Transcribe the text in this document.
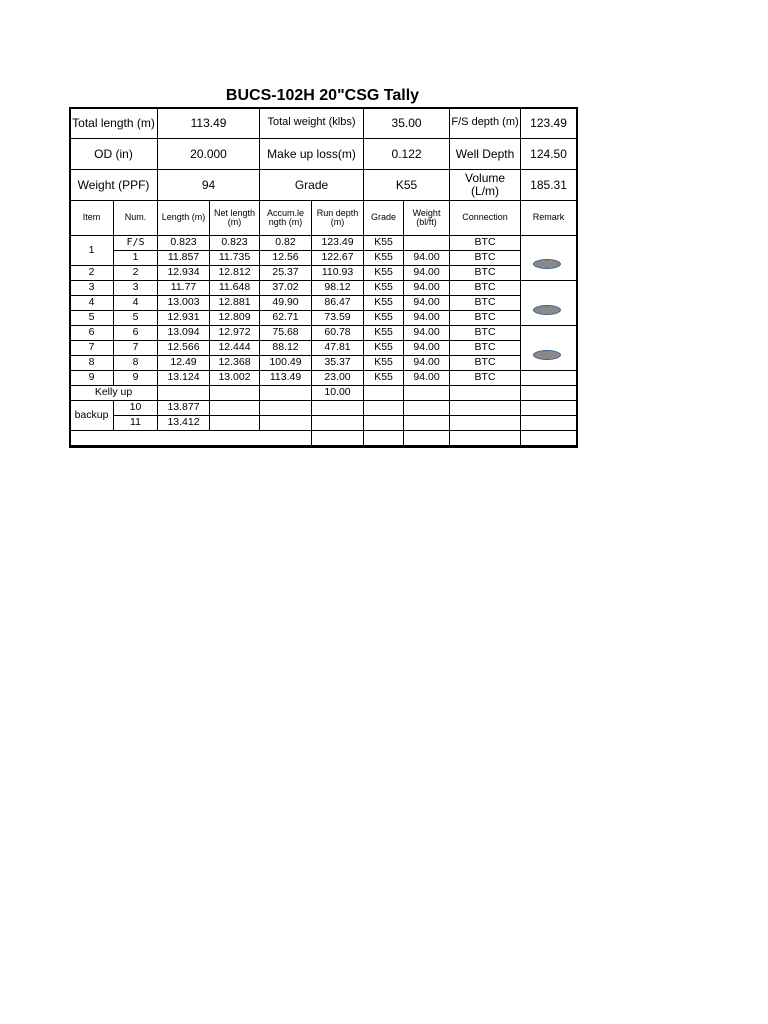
BUCS-102H 20"CSG Tally
Total length (m)		113.49		Total weight (klbs)		35.00		F/S depth (m)	123.49
OD (in)		20.000		Make up loss(m)		0.122		Well Depth	124.50
Weight (PPF)		94		Grade		K55		Volume (L/m)	185.31
Item	Num.	Length (m)	Net length (m)	Accum.le ngth (m)	Run depth (m)	Grade	Weight (bl/ft)	Connection	Remark
1	F/S	0.823	0.823	0.82	123.49	K55		BTC	
	1	11.857	11.735	12.56	122.67	K55	94.00	BTC	
2	2	12.934	12.812	25.37	110.93	K55	94.00	BTC	
3	3	11.77	11.648	37.02	98.12	K55	94.00	BTC	
4	4	13.003	12.881	49.90	86.47	K55	94.00	BTC	
5	5	12.931	12.809	62.71	73.59	K55	94.00	BTC	
6	6	13.094	12.972	75.68	60.78	K55	94.00	BTC	
7	7	12.566	12.444	88.12	47.81	K55	94.00	BTC	
8	8	12.49	12.368	100.49	35.37	K55	94.00	BTC	
9	9	13.124	13.002	113.49	23.00	K55	94.00	BTC	
Kelly up					10.00				
backup	10	13.877							
	11	13.412							
